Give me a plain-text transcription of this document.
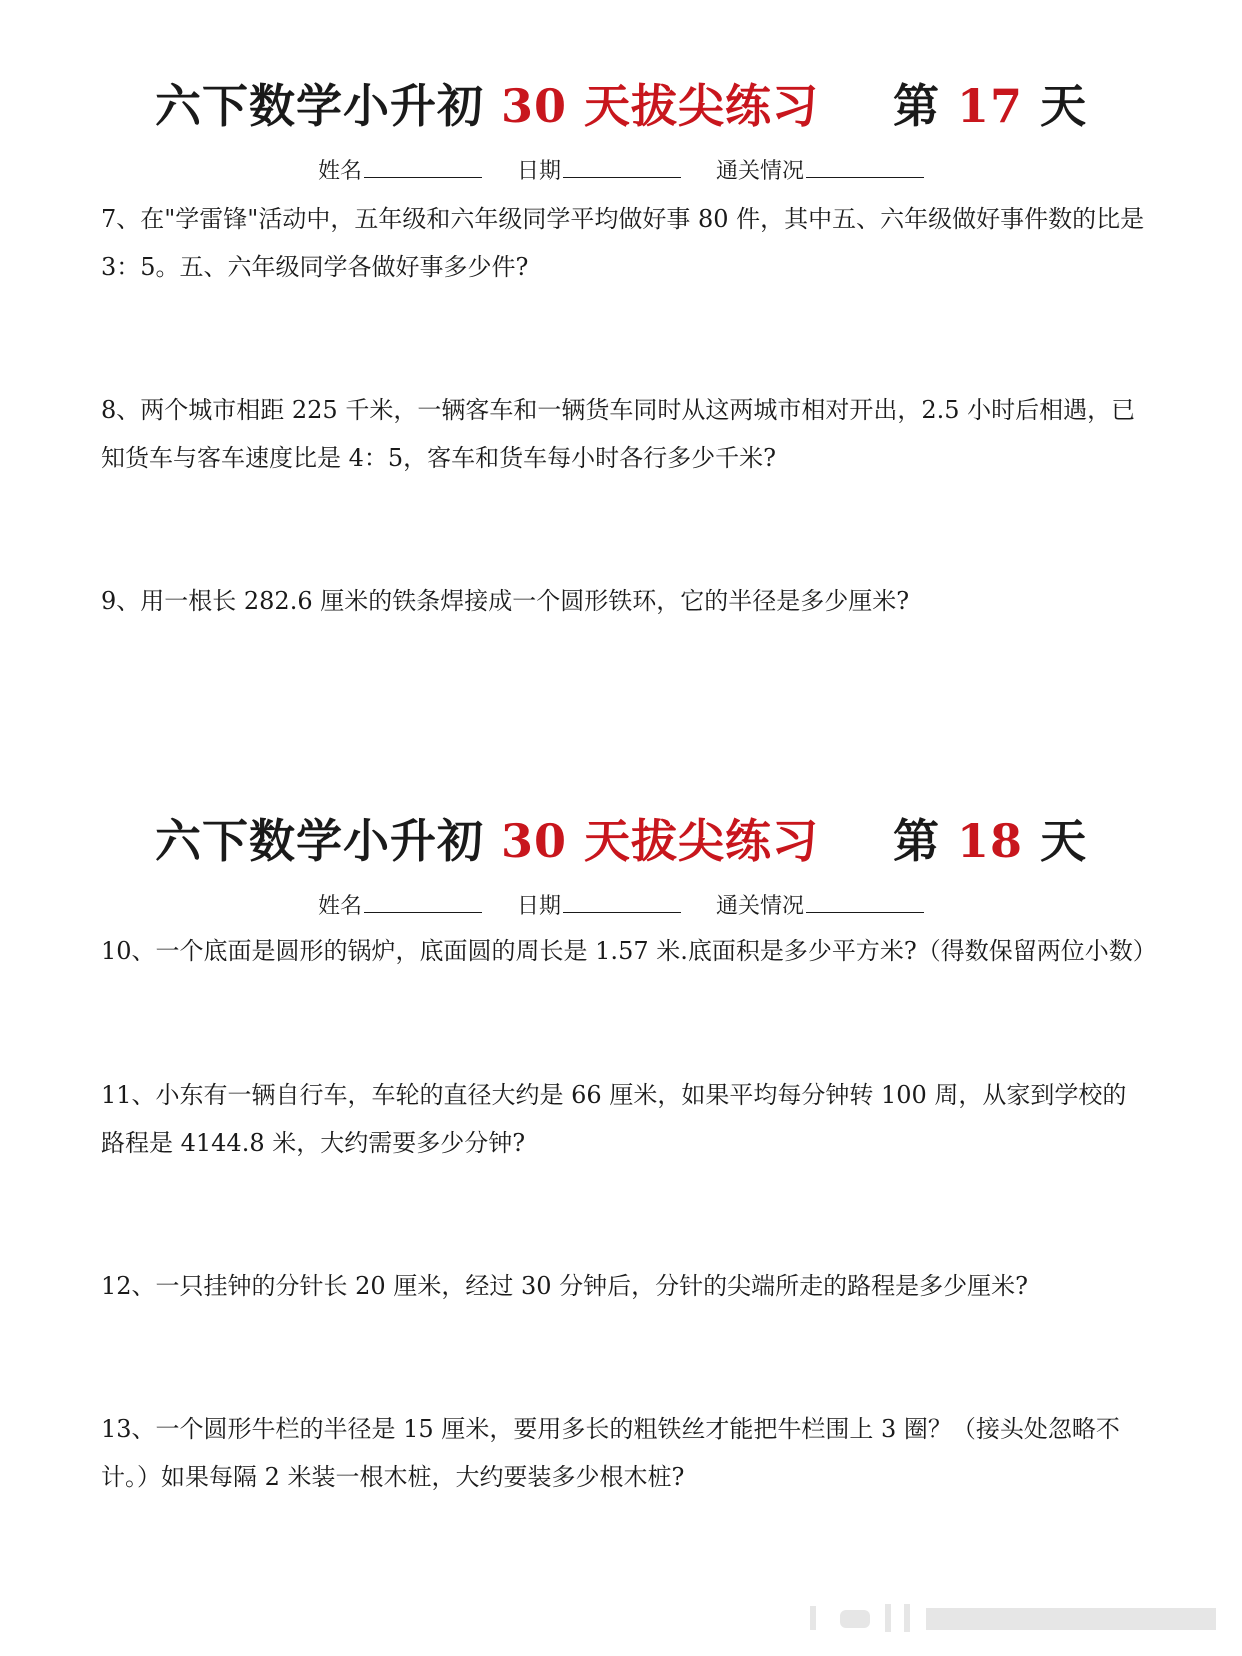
六下数学小升初 30 天拔尖练习 第 17 天
姓名	日期	通关情况
7、在"学雷锋"活动中，五年级和六年级同学平均做好事 80 件，其中五、六年级做好事件数的比是 3：5。五、六年级同学各做好事多少件?
8、两个城市相距 225 千米，一辆客车和一辆货车同时从这两城市相对开出，2.5 小时后相遇，已知货车与客车速度比是 4：5，客车和货车每小时各行多少千米?
9、用一根长 282.6 厘米的铁条焊接成一个圆形铁环，它的半径是多少厘米?
六下数学小升初 30 天拔尖练习 第 18 天
姓名	日期	通关情况
10、一个底面是圆形的锅炉，底面圆的周长是 1.57 米.底面积是多少平方米?（得数保留两位小数）
11、小东有一辆自行车，车轮的直径大约是 66 厘米，如果平均每分钟转 100 周，从家到学校的路程是 4144.8 米，大约需要多少分钟?
12、一只挂钟的分针长 20 厘米，经过 30 分钟后，分针的尖端所走的路程是多少厘米?
13、一个圆形牛栏的半径是 15 厘米，要用多长的粗铁丝才能把牛栏围上 3 圈？（接头处忽略不计。）如果每隔 2 米装一根木桩，大约要装多少根木桩?
